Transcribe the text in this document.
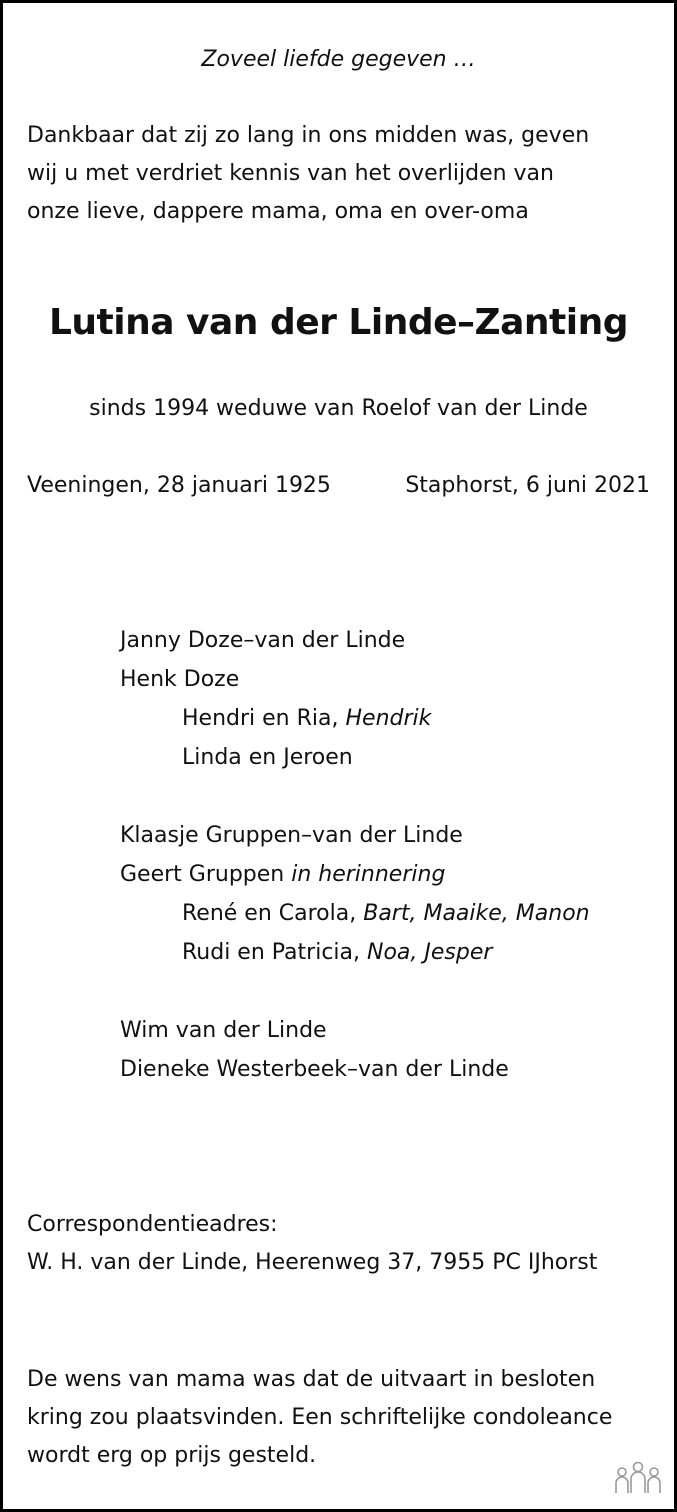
Zoveel liefde gegeven …
Dankbaar dat zij zo lang in ons midden was, geven
wij u met verdriet kennis van het overlijden van
onze lieve, dappere mama, oma en over-oma
Lutina van der Linde–Zanting
sinds 1994 weduwe van Roelof van der Linde
Veeningen, 28 januari 1925	Staphorst, 6 juni 2021
Janny Doze–van der Linde
Henk Doze
Hendri en Ria, Hendrik
Linda en Jeroen
Klaasje Gruppen–van der Linde
Geert Gruppen in herinnering
René en Carola, Bart, Maaike, Manon
Rudi en Patricia, Noa, Jesper
Wim van der Linde
Dieneke Westerbeek–van der Linde
Correspondentieadres:
W. H. van der Linde, Heerenweg 37, 7955 PC IJhorst
De wens van mama was dat de uitvaart in besloten
kring zou plaatsvinden. Een schriftelijke condoleance
wordt erg op prijs gesteld.
